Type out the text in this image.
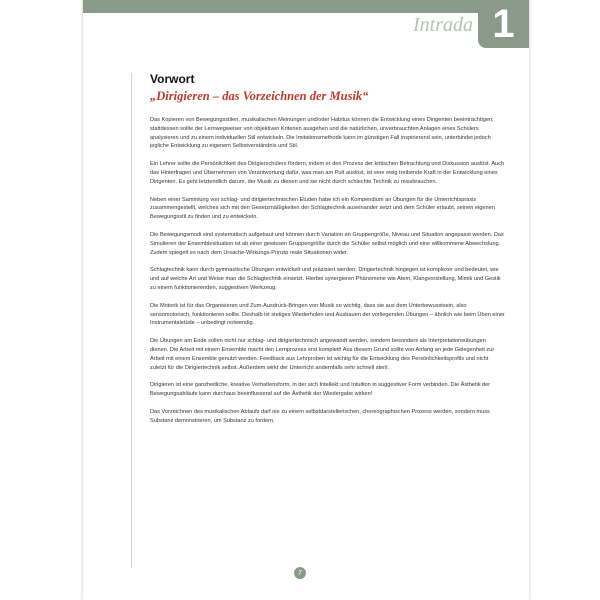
Intrada 1
Vorwort
„Dirigieren – das Vorzeichnen der Musik“

Das Kopieren von Bewegungsstilen, musikalischen Meinungen und/oder Habitus können die Entwicklung eines Dirigenten beeinträchtigen; stattdessen sollte der Lernwegweiser von objektiven Kriterien ausgehen und die natürlichen, unverbrauchten Anlagen eines Schülers analysieren und zu einem individuellen Stil entwickeln. Die Imitationsmethode kann im günstigen Fall inspirierend sein, unterbindet jedoch jegliche Entwicklung zu eigenem Selbstverständnis und Stil.

Ein Lehrer sollte die Persönlichkeit des Dirigierschülers fördern, indem er den Prozess der kritischen Betrachtung und Diskussion auslöst. Auch das Hinterfragen und Übernehmen von Verantwortung dafür, was man am Pult auslöst, ist eine ewig treibende Kraft in der Entwicklung eines Dirigenten. Es geht letztendlich darum, der Musik zu dienen und sie nicht durch schlechte Technik zu missbrauchen.

Neben einer Sammlung von schlag- und dirigiertechnischen Etüden habe ich ein Kompendium an Übungen für die Unterrichtspraxis zusammengestellt, welches sich mit den Gesetzmäßigkeiten der Schlagtechnik auseinander setzt und dem Schüler erlaubt, seinen eigenen Bewegungsstil zu finden und zu entwickeln.

Die Bewegungsmodi sind systematisch aufgebaut und können durch Variation an Gruppengröße, Niveau und Situation angepasst werden. Das Simulieren der Ensemblesituation ist ab einer gewissen Gruppengröße durch die Schüler selbst möglich und eine willkommene Abwechslung. Zudem spiegelt es nach dem Ursache-Wirkungs-Prinzip reale Situationen wider.

Schlagtechnik kann durch gymnastische Übungen entwickelt und präzisiert werden; Dirigiertechnik hingegen ist komplexer und bedeutet, wie und auf welche Art und Weise man die Schlagtechnik einsetzt. Hierbei synergieren Phänomene wie Atem, Klangvorstellung, Mimik und Gestik zu einem funktionierenden, suggestiven Werkzeug.

Die Motorik ist für das Organisieren und Zum-Ausdruck-Bringen von Musik so wichtig, dass sie aus dem Unterbewusstsein, also sensomotorisch, funktionieren sollte. Deshalb ist stetiges Wiederholen und Ausbauen der vorliegenden Übungen – ähnlich wie beim Üben einer Instrumentaletüde – unbedingt notwendig.

Die Übungen am Ende sollen nicht nur schlag- und dirigiertechnisch angewandt werden, sondern besonders als Interpretationsübungen dienen. Die Arbeit mit einem Ensemble macht den Lernprozess erst komplett! Aus diesem Grund sollte von Anfang an jede Gelegenheit zur Arbeit mit einem Ensemble genutzt werden. Feedback aus Lehrproben ist wichtig für die Entwicklung des Persönlichkeitsprofils und nicht zuletzt für die Dirigiertechnik selbst. Außerdem wirkt der Unterricht andernfalls sehr schnell steril.

Dirigieren ist eine ganzheitliche, kreative Verhaltensform, in der sich Intellekt und Intuition in suggestiver Form verbinden. Die Ästhetik der Bewegungsabläufe kann durchaus beeinflussend auf die Ästhetik der Wiedergabe wirken!

Das Vorzeichnen des musikalischen Ablaufs darf nie zu einem selbstdarstellerischen, choreographischen Prozess werden, sondern muss Substanz demonstrieren, um Substanz zu fordern.

7
